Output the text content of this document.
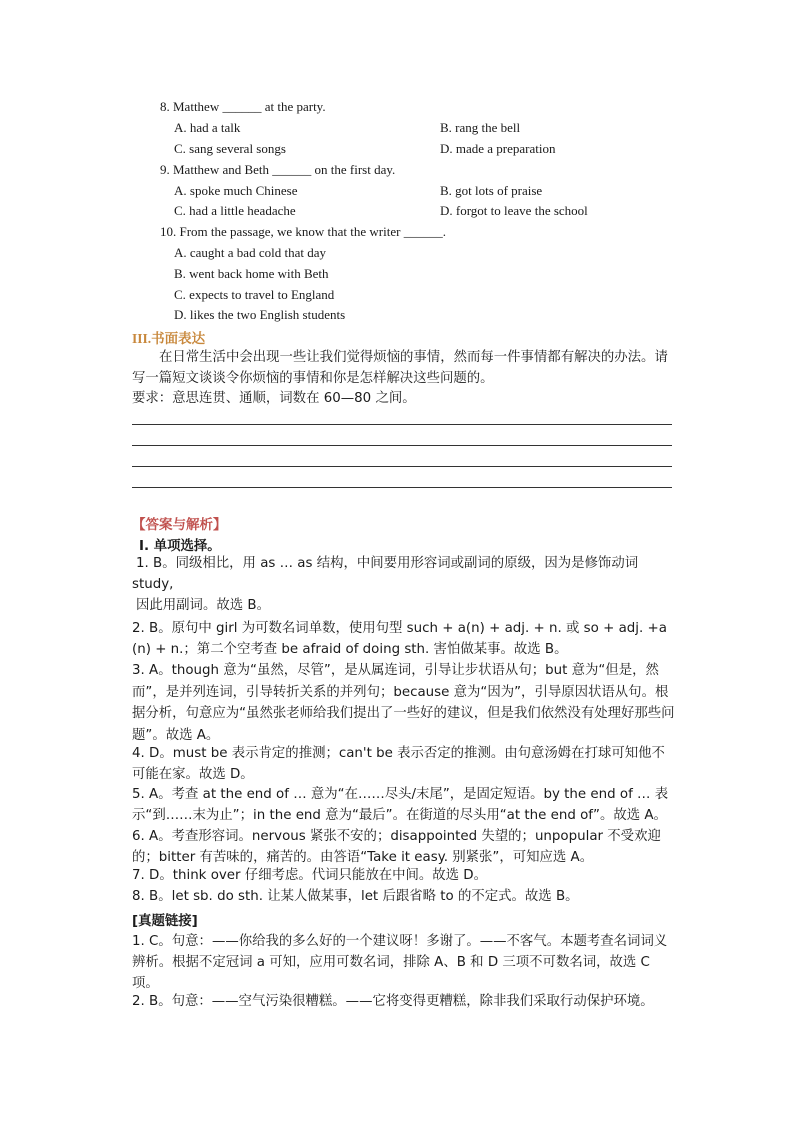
8. Matthew ______ at the party.
A. had a talk	B. rang the bell
C. sang several songs	D. made a preparation
9. Matthew and Beth ______ on the first day.
A. spoke much Chinese	B. got lots of praise
C. had a little headache	D. forgot to leave the school
10. From the passage, we know that the writer ______.
A. caught a bad cold that day
B. went back home with Beth
C. expects to travel to England
D. likes the two English students
III.书面表达
在日常生活中会出现一些让我们觉得烦恼的事情，然而每一件事情都有解决的办法。请写一篇短文谈谈令你烦恼的事情和你是怎样解决这些问题的。
要求：意思连贯、通顺，词数在 60—80 之间。
【答案与解析】
I. 单项选择。
1. B。同级相比，用 as … as 结构，中间要用形容词或副词的原级，因为是修饰动词
study,
因此用副词。故选 B。
2. B。原句中 girl 为可数名词单数，使用句型 such + a(n) + adj. + n. 或 so + adj. +a(n) + n.；第二个空考查 be afraid of doing sth. 害怕做某事。故选 B。
3. A。though 意为“虽然，尽管”，是从属连词，引导让步状语从句；but 意为“但是，然而”，是并列连词，引导转折关系的并列句；because 意为“因为”，引导原因状语从句。根据分析，句意应为“虽然张老师给我们提出了一些好的建议，但是我们依然没有处理好那些问题”。故选 A。
4. D。must be 表示肯定的推测；can't be 表示否定的推测。由句意汤姆在打球可知他不可能在家。故选 D。
5. A。考查 at the end of … 意为“在……尽头/末尾”，是固定短语。by the end of … 表示“到……末为止”；in the end 意为“最后”。在街道的尽头用“at the end of”。故选 A。
6. A。考查形容词。nervous 紧张不安的；disappointed 失望的；unpopular 不受欢迎的；bitter 有苦味的，痛苦的。由答语“Take it easy. 别紧张”，可知应选 A。
7. D。think over 仔细考虑。代词只能放在中间。故选 D。
8. B。let sb. do sth. 让某人做某事，let 后跟省略 to 的不定式。故选 B。
[真题链接]
1. C。句意：——你给我的多么好的一个建议呀！多谢了。——不客气。本题考查名词词义辨析。根据不定冠词 a 可知，应用可数名词，排除 A、B 和 D 三项不可数名词，故选 C 项。
2. B。句意：——空气污染很糟糕。——它将变得更糟糕，除非我们采取行动保护环境。
